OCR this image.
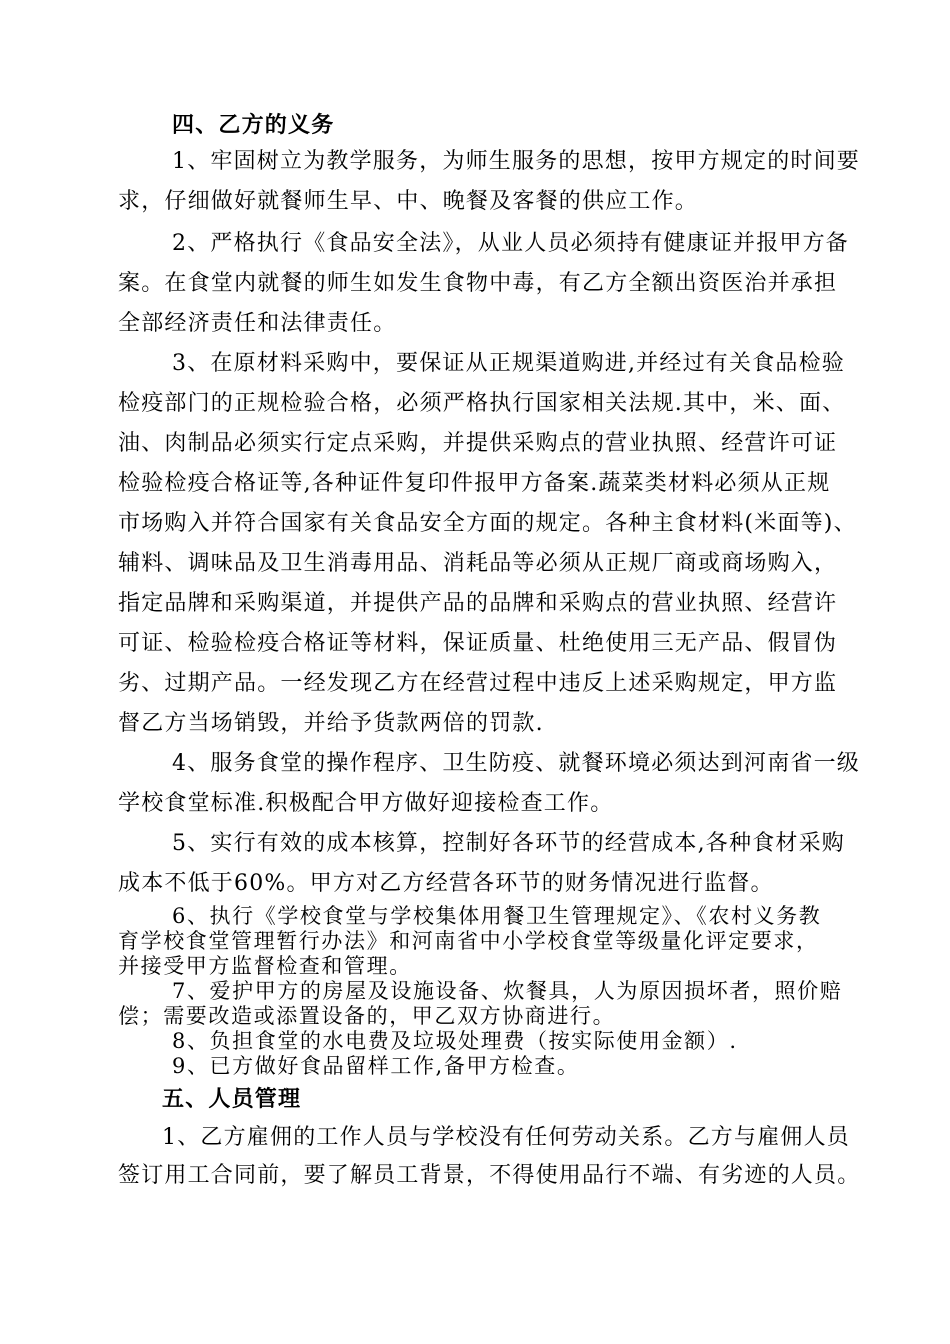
四、乙方的义务

1、牢固树立为教学服务，为师生服务的思想，按甲方规定的时间要

求，仔细做好就餐师生早、中、晚餐及客餐的供应工作。

2、严格执行《食品安全法》，从业人员必须持有健康证并报甲方备

案。在食堂内就餐的师生如发生食物中毒，有乙方全额出资医治并承担

全部经济责任和法律责任。

3、在原材料采购中，要保证从正规渠道购进,并经过有关食品检验

检疫部门的正规检验合格，必须严格执行国家相关法规.其中，米、面、

油、肉制品必须实行定点采购，并提供采购点的营业执照、经营许可证

检验检疫合格证等,各种证件复印件报甲方备案.蔬菜类材料必须从正规

市场购入并符合国家有关食品安全方面的规定。各种主食材料(米面等)、

辅料、调味品及卫生消毒用品、消耗品等必须从正规厂商或商场购入，

指定品牌和采购渠道，并提供产品的品牌和采购点的营业执照、经营许

可证、检验检疫合格证等材料，保证质量、杜绝使用三无产品、假冒伪

劣、过期产品。一经发现乙方在经营过程中违反上述采购规定，甲方监

督乙方当场销毁，并给予货款两倍的罚款.

4、服务食堂的操作程序、卫生防疫、就餐环境必须达到河南省一级

学校食堂标准.积极配合甲方做好迎接检查工作。

5、实行有效的成本核算，控制好各环节的经营成本,各种食材采购

成本不低于60%。甲方对乙方经营各环节的财务情况进行监督。

6、执行《学校食堂与学校集体用餐卫生管理规定》、《农村义务教

育学校食堂管理暂行办法》和河南省中小学校食堂等级量化评定要求，

并接受甲方监督检查和管理。

7、爱护甲方的房屋及设施设备、炊餐具，人为原因损坏者，照价赔

偿；需要改造或添置设备的，甲乙双方协商进行。

8、负担食堂的水电费及垃圾处理费（按实际使用金额）.

9、已方做好食品留样工作,备甲方检查。

五、人员管理

1、乙方雇佣的工作人员与学校没有任何劳动关系。乙方与雇佣人员

签订用工合同前，要了解员工背景，不得使用品行不端、有劣迹的人员。
